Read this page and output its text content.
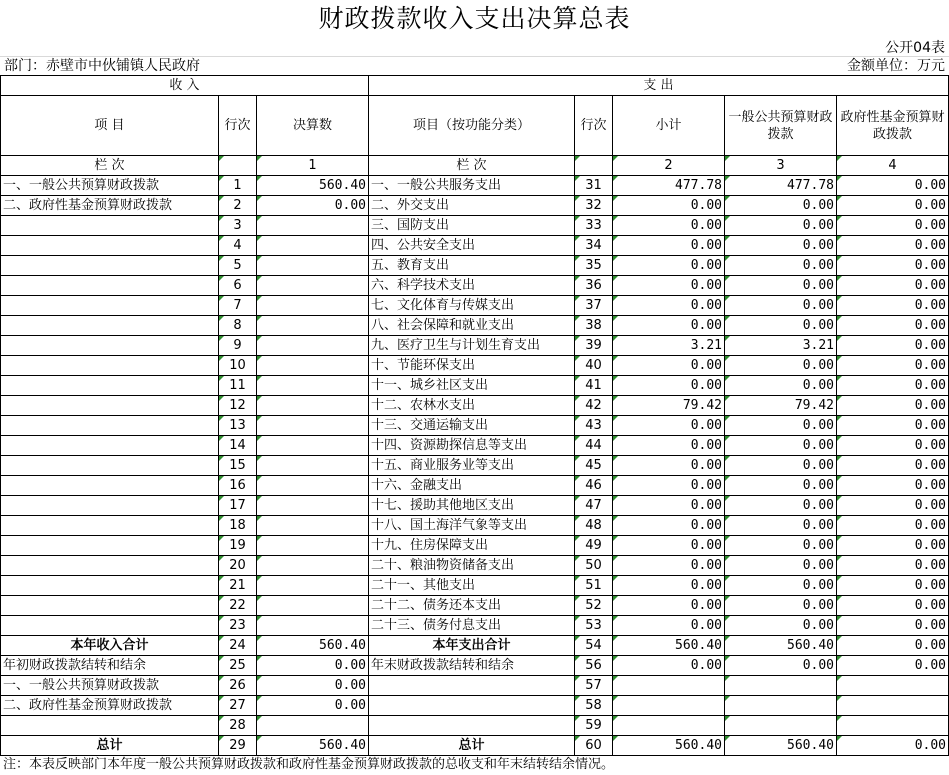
财政拨款收入支出决算总表
公开04表
部门：赤壁市中伙铺镇人民政府	金额单位：万元
收 入			支 出				
项 目	行次	决算数	项目（按功能分类）	行次	小计	一般公共预算财政拨款	政府性基金预算财政拨款
栏 次		1	栏 次		2	3	4
一、一般公共预算财政拨款	1	560.40	一、一般公共服务支出	31	477.78	477.78	0.00
二、政府性基金预算财政拨款	2	0.00	二、外交支出	32	0.00	0.00	0.00
	3		三、国防支出	33	0.00	0.00	0.00
	4		四、公共安全支出	34	0.00	0.00	0.00
	5		五、教育支出	35	0.00	0.00	0.00
	6		六、科学技术支出	36	0.00	0.00	0.00
	7		七、文化体育与传媒支出	37	0.00	0.00	0.00
	8		八、社会保障和就业支出	38	0.00	0.00	0.00
	9		九、医疗卫生与计划生育支出	39	3.21	3.21	0.00
	10		十、节能环保支出	40	0.00	0.00	0.00
	11		十一、城乡社区支出	41	0.00	0.00	0.00
	12		十二、农林水支出	42	79.42	79.42	0.00
	13		十三、交通运输支出	43	0.00	0.00	0.00
	14		十四、资源勘探信息等支出	44	0.00	0.00	0.00
	15		十五、商业服务业等支出	45	0.00	0.00	0.00
	16		十六、金融支出	46	0.00	0.00	0.00
	17		十七、援助其他地区支出	47	0.00	0.00	0.00
	18		十八、国土海洋气象等支出	48	0.00	0.00	0.00
	19		十九、住房保障支出	49	0.00	0.00	0.00
	20		二十、粮油物资储备支出	50	0.00	0.00	0.00
	21		二十一、其他支出	51	0.00	0.00	0.00
	22		二十二、债务还本支出	52	0.00	0.00	0.00
	23		二十三、债务付息支出	53	0.00	0.00	0.00
本年收入合计	24	560.40	本年支出合计	54	560.40	560.40	0.00
年初财政拨款结转和结余	25	0.00	年末财政拨款结转和结余	56	0.00	0.00	0.00
一、一般公共预算财政拨款	26	0.00		57			
二、政府性基金预算财政拨款	27	0.00		58			
	28			59			
总计	29	560.40	总计	60	560.40	560.40	0.00
注：本表反映部门本年度一般公共预算财政拨款和政府性基金预算财政拨款的总收支和年末结转结余情况。
